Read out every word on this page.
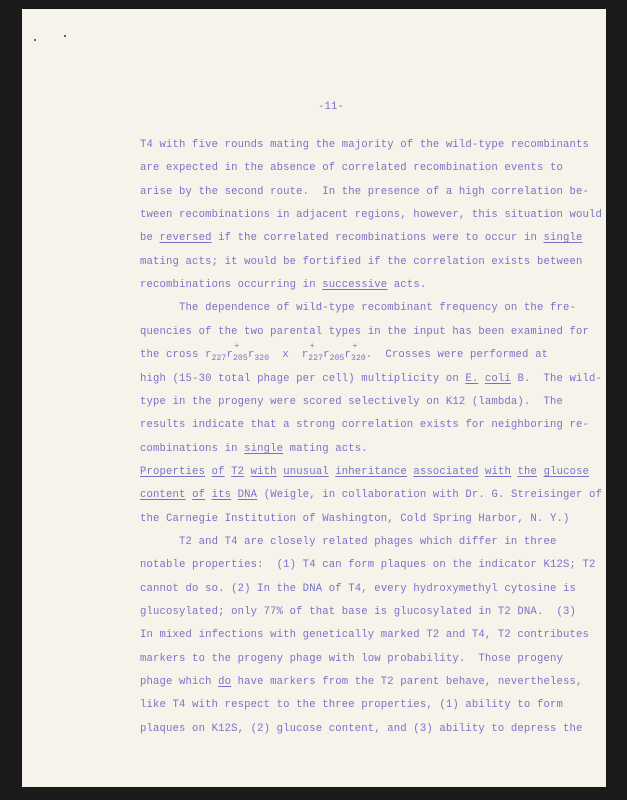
-11-
T4 with five rounds mating the majority of the wild-type recombinants
are expected in the absence of correlated recombination events to
arise by the second route.  In the presence of a high correlation be-
tween recombinations in adjacent regions, however, this situation would
be reversed if the correlated recombinations were to occur in single
mating acts; it would be fortified if the correlation exists between
recombinations occurring in successive acts.
The dependence of wild-type recombinant frequency on the fre-
quencies of the two parental types in the input has been examined for
the cross $r_{227}+ r_{205}r_{320}$  $x + r_{227}r_{205}+ r_{320}$.  Crosses were performed at
high (15-30 total phage per cell) multiplicity on E. coli B.  The wild-
type in the progeny were scored selectively on K12 (lambda).  The
results indicate that a strong correlation exists for neighboring re-
combinations in single mating acts.
Properties of T2 with unusual inheritance associated with the glucose
content of its DNA (Weigle, in collaboration with Dr. G. Streisinger of
the Carnegie Institution of Washington, Cold Spring Harbor, N. Y.)
T2 and T4 are closely related phages which differ in three
notable properties:  (1) T4 can form plaques on the indicator K12S; T2
cannot do so. (2) In the DNA of T4, every hydroxymethyl cytosine is
glucosylated; only 77% of that base is glucosylated in T2 DNA.  (3)
In mixed infections with genetically marked T2 and T4, T2 contributes
markers to the progeny phage with low probability.  Those progeny
phage which do have markers from the T2 parent behave, nevertheless,
like T4 with respect to the three properties, (1) ability to form
plaques on K12S, (2) glucose content, and (3) ability to depress the
